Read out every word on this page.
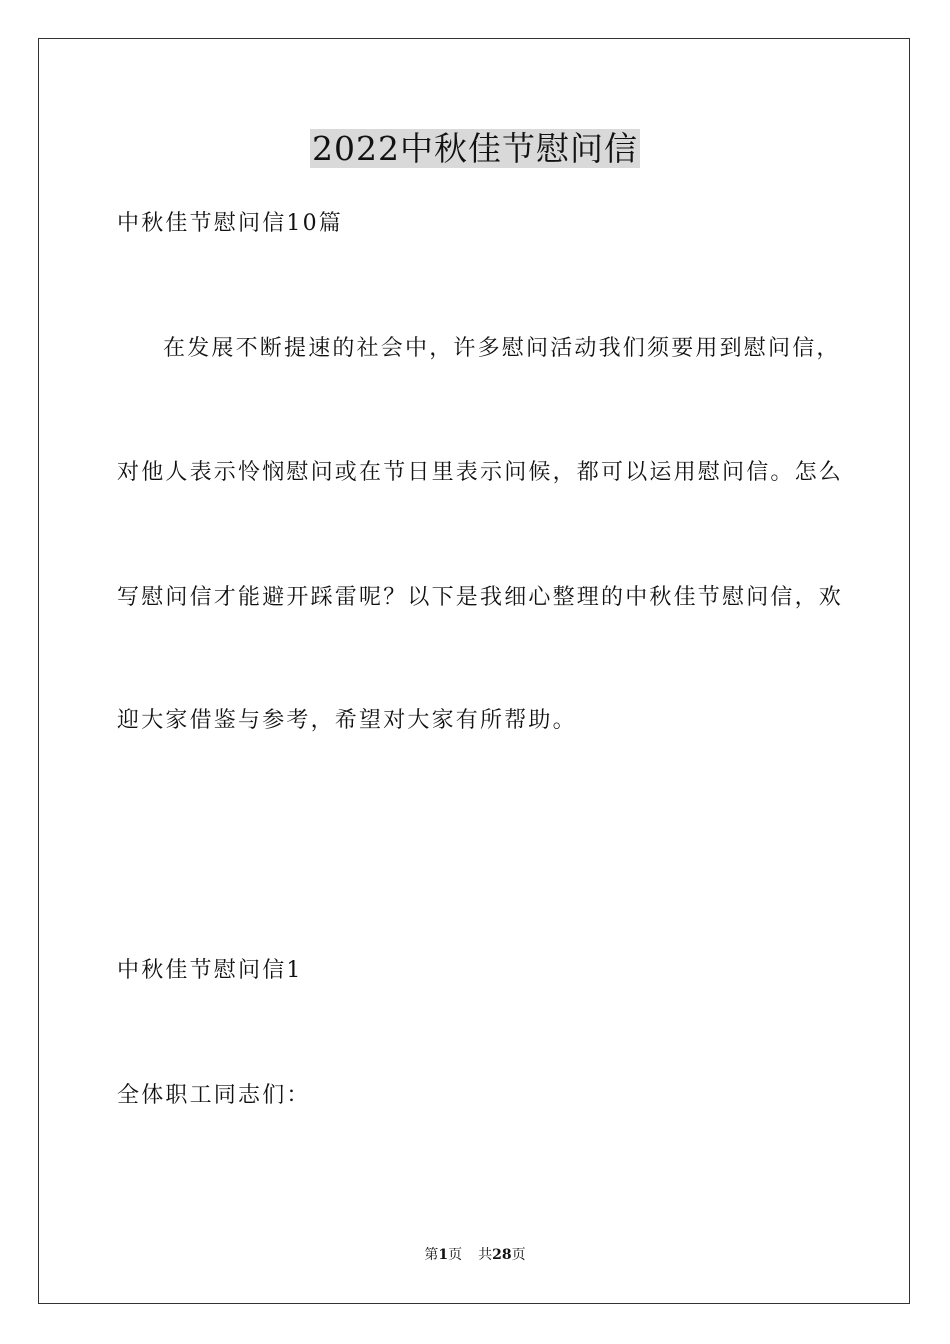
2022中秋佳节慰问信
中秋佳节慰问信10篇
在发展不断提速的社会中，许多慰问活动我们须要用到慰问信，
对他人表示怜悯慰问或在节日里表示问候，都可以运用慰问信。怎么
写慰问信才能避开踩雷呢？以下是我细心整理的中秋佳节慰问信，欢
迎大家借鉴与参考，希望对大家有所帮助。
中秋佳节慰问信1
全体职工同志们：
第1页 共28页
